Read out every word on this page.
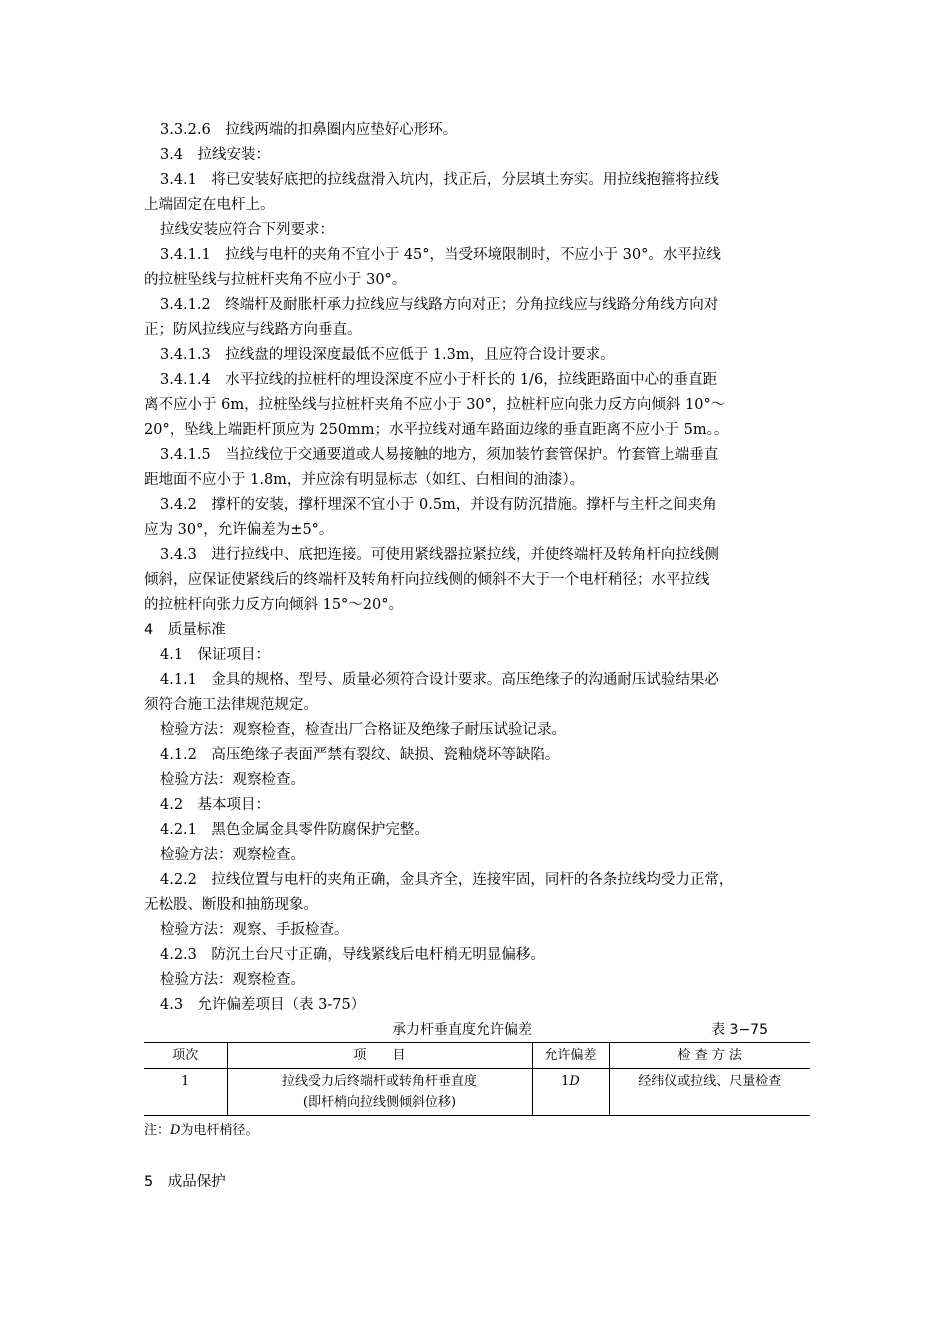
3.3.2.6　拉线两端的扣鼻圈内应垫好心形环。
3.4　拉线安装：
3.4.1　将已安装好底把的拉线盘滑入坑内，找正后，分层填土夯实。用拉线抱箍将拉线
上端固定在电杆上。
拉线安装应符合下列要求：
3.4.1.1　拉线与电杆的夹角不宜小于 45°，当受环境限制时，不应小于 30°。水平拉线
的拉桩坠线与拉桩杆夹角不应小于 30°。
3.4.1.2　终端杆及耐胀杆承力拉线应与线路方向对正；分角拉线应与线路分角线方向对
正；防风拉线应与线路方向垂直。
3.4.1.3　拉线盘的埋设深度最低不应低于 1.3m，且应符合设计要求。
3.4.1.4　水平拉线的拉桩杆的埋设深度不应小于杆长的 1/6，拉线距路面中心的垂直距
离不应小于 6m，拉桩坠线与拉桩杆夹角不应小于 30°，拉桩杆应向张力反方向倾斜 10°～
20°，坠线上端距杆顶应为 250mm；水平拉线对通车路面边缘的垂直距离不应小于 5m。。
3.4.1.5　当拉线位于交通要道或人易接触的地方，须加装竹套管保护。竹套管上端垂直
距地面不应小于 1.8m，并应涂有明显标志（如红、白相间的油漆）。
3.4.2　撑杆的安装，撑杆埋深不宜小于 0.5m，并设有防沉措施。撑杆与主杆之间夹角
应为 30°，允许偏差为±5°。
3.4.3　进行拉线中、底把连接。可使用紧线器拉紧拉线，并使终端杆及转角杆向拉线侧
倾斜，应保证使紧线后的终端杆及转角杆向拉线侧的倾斜不大于一个电杆稍径；水平拉线
的拉桩杆向张力反方向倾斜 15°～20°。
4　质量标准
4.1　保证项目：
4.1.1　金具的规格、型号、质量必须符合设计要求。高压绝缘子的沟通耐压试验结果必
须符合施工法律规范规定。
检验方法：观察检查，检查出厂合格证及绝缘子耐压试验记录。
4.1.2　高压绝缘子表面严禁有裂纹、缺损、瓷釉烧坏等缺陷。
检验方法：观察检查。
4.2　基本项目：
4.2.1　黑色金属金具零件防腐保护完整。
检验方法：观察检查。
4.2.2　拉线位置与电杆的夹角正确，金具齐全，连接牢固，同杆的各条拉线均受力正常，
无松股、断股和抽筋现象。
检验方法：观察、手扳检查。
4.2.3　防沉土台尺寸正确，导线紧线后电杆梢无明显偏移。
检验方法：观察检查。
4.3　允许偏差项目（表 3-75）
承力杆垂直度允许偏差	表 3−75
项次	项　　目	允许偏差	检 查 方 法
1	拉线受力后终端杆或转角杆垂直度
(即杆梢向拉线侧倾斜位移)	1D	经纬仪或拉线、尺量检查
注：D为电杆梢径。
5　成品保护
